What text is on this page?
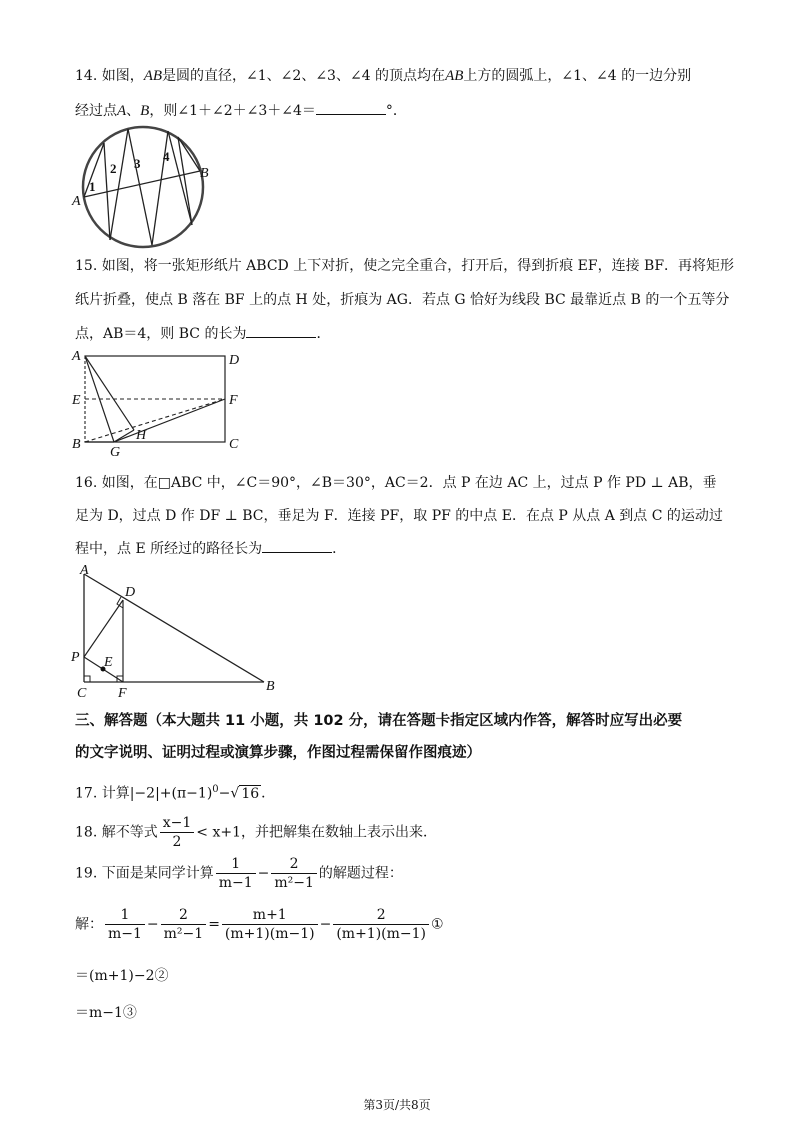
14. 如图，AB是圆的直径，∠1、∠2、∠3、∠4 的顶点均在AB上方的圆弧上，∠1、∠4 的一边分别
经过点A、B，则∠1＋∠2＋∠3＋∠4＝	°．
A
B
1
2 3 4
15. 如图，将一张矩形纸片 ABCD 上下对折，使之完全重合，打开后，得到折痕 EF，连接 BF．再将矩形
纸片折叠，使点 B 落在 BF 上的点 H 处，折痕为 AG．若点 G 恰好为线段 BC 最靠近点 B 的一个五等分
点，AB＝4，则 BC 的长为	．
A	D
E	F
B
H
G
C
16. 如图，在□ABC 中，∠C＝90°，∠B＝30°，AC＝2．点 P 在边 AC 上，过点 P 作 PD ⊥ AB，垂
足为 D，过点 D 作 DF ⊥ BC，垂足为 F．连接 PF，取 PF 的中点 E．在点 P 从点 A 到点 C 的运动过
程中，点 E 所经过的路径长为	．
A
D
P E
C F	B
三、解答题（本大题共 11 小题，共 102 分，请在答题卡指定区域内作答，解答时应写出必要
的文字说明、证明过程或演算步骤，作图过程需保留作图痕迹）
17. 计算$|-2|+(\pi-1)^0-√$ 16 ．
18. 解不等式 $\frac{x-1}{2} < x+1$，并把解集在数轴上表示出来．
19. 下面是某同学计算 $\frac{1}{m-1} - \frac{2}{\text{m²−1}}$ 的解题过程：
解： $\frac{1}{m-1} - \frac{2}{\text{m²−1}} = \frac{m+1}{(m+1)(m-1)} - \frac{2}{(m+1)(m-1)}$ ①
＝(m+1)−2②
＝m−1③
第3页/共8页
